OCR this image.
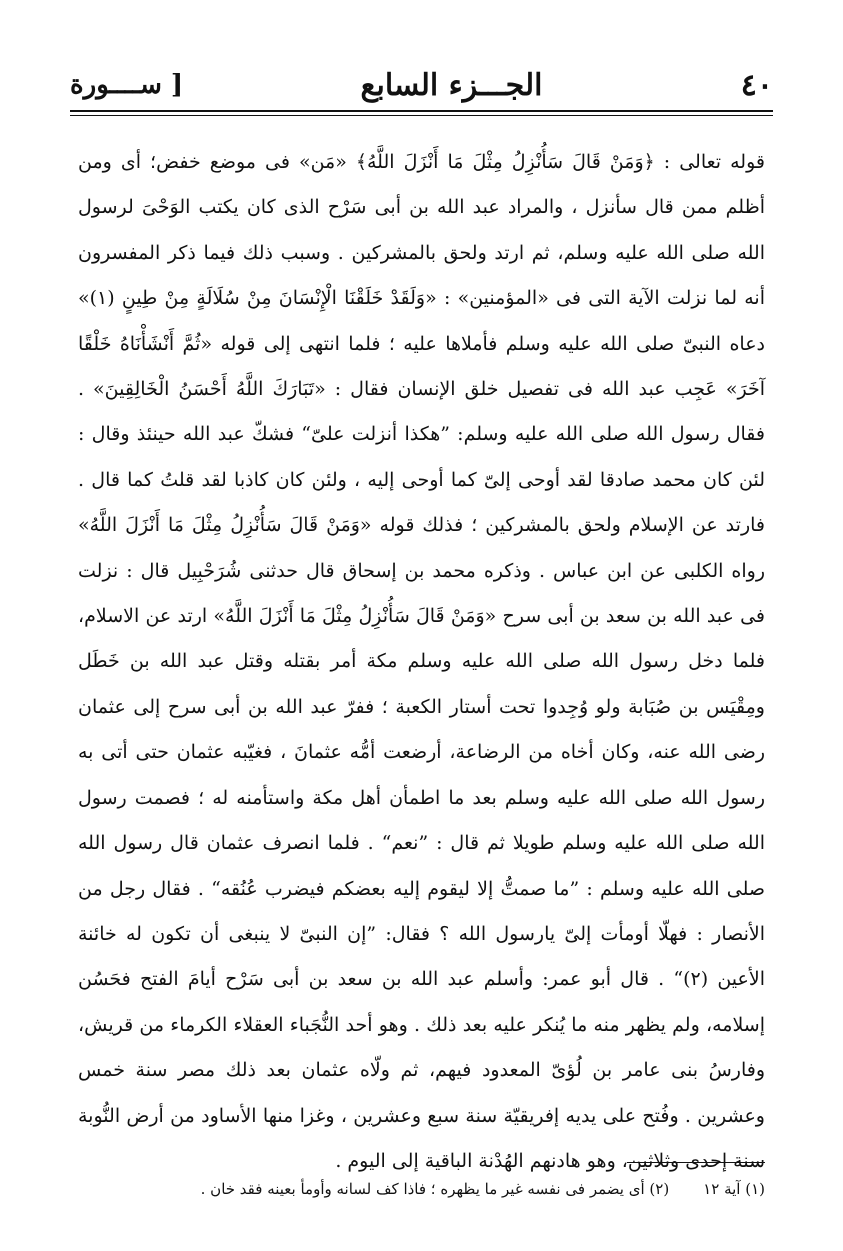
٤٠
الجـــزء السابع
[ ســــورة

قوله تعالى : ﴿وَمَنْ قَالَ سَأُنْزِلُ مِثْلَ مَا أَنْزَلَ اللَّهُ﴾ «مَن» فى موضع خفض؛ أى ومن أظلم ممن قال سأنزل ، والمراد عبد الله بن أبى سَرْح الذى كان يكتب الوَحْىَ لرسول الله صلى الله عليه وسلم، ثم ارتد ولحق بالمشركين . وسبب ذلك فيما ذكر المفسرون أنه لما نزلت الآية التى فى «المؤمنين» : «وَلَقَدْ خَلَقْنَا الْإِنْسَانَ مِنْ سُلَالَةٍ مِنْ طِينٍ (١)» دعاه النبىّ صلى الله عليه وسلم فأملاها عليه ؛ فلما انتهى إلى قوله «ثُمَّ أَنْشَأْنَاهُ خَلْقًا آخَرَ» عَجِب عبد الله فى تفصيل خلق الإنسان فقال : «تَبَارَكَ اللَّهُ أَحْسَنُ الْخَالِقِينَ» . فقال رسول الله صلى الله عليه وسلم: ”هكذا أنزلت علىّ“ فشكّ عبد الله حينئذ وقال : لئن كان محمد صادقا لقد أوحى إلىّ كما أوحى إليه ، ولئن كان كاذبا لقد قلتُ كما قال . فارتد عن الإسلام ولحق بالمشركين ؛ فذلك قوله «وَمَنْ قَالَ سَأُنْزِلُ مِثْلَ مَا أَنْزَلَ اللَّهُ» رواه الكلبى عن ابن عباس . وذكره محمد بن إسحاق قال حدثنى شُرَحْبِيل قال : نزلت فى عبد الله بن سعد بن أبى سرح «وَمَنْ قَالَ سَأُنْزِلُ مِثْلَ مَا أَنْزَلَ اللَّهُ» ارتد عن الاسلام، فلما دخل رسول الله صلى الله عليه وسلم مكة أمر بقتله وقتل عبد الله بن خَطَل ومِقْيَس بن صُبَابة ولو وُجِدوا تحت أستار الكعبة ؛ ففرّ عبد الله بن أبى سرح إلى عثمان رضى الله عنه، وكان أخاه من الرضاعة، أرضعت أمُّه عثمانَ ، فغيّبه عثمان حتى أتى به رسول الله صلى الله عليه وسلم بعد ما اطمأن أهل مكة واستأمنه له ؛ فصمت رسول الله صلى الله عليه وسلم طويلا ثم قال : ”نعم“ . فلما انصرف عثمان قال رسول الله صلى الله عليه وسلم : ”ما صمتُّ إلا ليقوم إليه بعضكم فيضرب عُنُقه“ . فقال رجل من الأنصار : فهلّا أومأت إلىّ يارسول الله ؟ فقال: ”إن النبىّ لا ينبغى أن تكون له خائنة الأعين (٢)“ . قال أبو عمر: وأسلم عبد الله بن سعد بن أبى سَرْح أيامَ الفتح فحَسُن إسلامه، ولم يظهر منه ما يُنكر عليه بعد ذلك . وهو أحد النُّجَباء العقلاء الكرماء من قريش، وفارسُ بنى عامر بن لُؤىّ المعدود فيهم، ثم ولّاه عثمان بعد ذلك مصر سنة خمس وعشرين . وفُتح على يديه إفريقيّة سنة سبع وعشرين ، وغزا منها الأساود من أرض النُّوبة سنة إحدى وثلاثين، وهو هادنهم الهُدْنة الباقية إلى اليوم .

(١) آية ١٢
(٢) أى يضمر فى نفسه غير ما يظهره ؛ فاذا كف لسانه وأومأ بعينه فقد خان .
